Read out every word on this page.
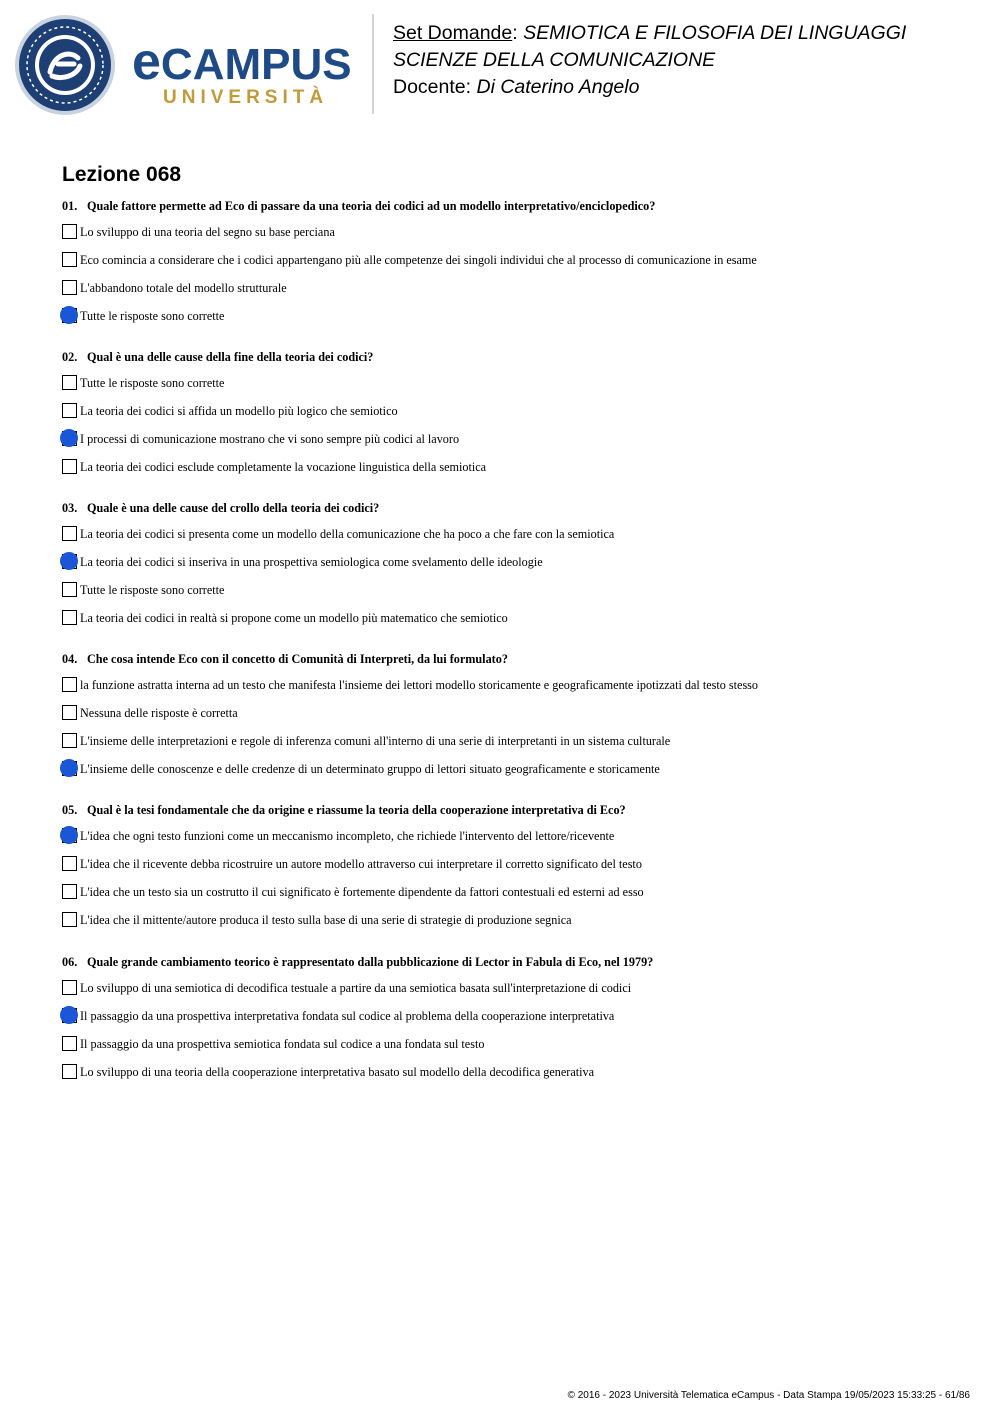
eCAMPUS
UNIVERSITÀ
Set Domande: SEMIOTICA E FILOSOFIA DEI LINGUAGGI
SCIENZE DELLA COMUNICAZIONE
Docente: Di Caterino Angelo
Lezione 068
01. Quale fattore permette ad Eco di passare da una teoria dei codici ad un modello interpretativo/enciclopedico?
Lo sviluppo di una teoria del segno su base perciana
Eco comincia a considerare che i codici appartengano più alle competenze dei singoli individui che al processo di comunicazione in esame
L'abbandono totale del modello strutturale
Tutte le risposte sono corrette
02. Qual è una delle cause della fine della teoria dei codici?
Tutte le risposte sono corrette
La teoria dei codici si affida un modello più logico che semiotico
I processi di comunicazione mostrano che vi sono sempre più codici al lavoro
La teoria dei codici esclude completamente la vocazione linguistica della semiotica
03. Quale è una delle cause del crollo della teoria dei codici?
La teoria dei codici si presenta come un modello della comunicazione che ha poco a che fare con la semiotica
La teoria dei codici si inseriva in una prospettiva semiologica come svelamento delle ideologie
Tutte le risposte sono corrette
La teoria dei codici in realtà si propone come un modello più matematico che semiotico
04. Che cosa intende Eco con il concetto di Comunità di Interpreti, da lui formulato?
la funzione astratta interna ad un testo che manifesta l'insieme dei lettori modello storicamente e geograficamente ipotizzati dal testo stesso
Nessuna delle risposte è corretta
L'insieme delle interpretazioni e regole di inferenza comuni all'interno di una serie di interpretanti in un sistema culturale
L'insieme delle conoscenze e delle credenze di un determinato gruppo di lettori situato geograficamente e storicamente
05. Qual è la tesi fondamentale che da origine e riassume la teoria della cooperazione interpretativa di Eco?
L'idea che ogni testo funzioni come un meccanismo incompleto, che richiede l'intervento del lettore/ricevente
L'idea che il ricevente debba ricostruire un autore modello attraverso cui interpretare il corretto significato del testo
L'idea che un testo sia un costrutto il cui significato è fortemente dipendente da fattori contestuali ed esterni ad esso
L'idea che il mittente/autore produca il testo sulla base di una serie di strategie di produzione segnica
06. Quale grande cambiamento teorico è rappresentato dalla pubblicazione di Lector in Fabula di Eco, nel 1979?
Lo sviluppo di una semiotica di decodifica testuale a partire da una semiotica basata sull'interpretazione di codici
Il passaggio da una prospettiva interpretativa fondata sul codice al problema della cooperazione interpretativa
Il passaggio da una prospettiva semiotica fondata sul codice a una fondata sul testo
Lo sviluppo di una teoria della cooperazione interpretativa basato sul modello della decodifica generativa
© 2016 - 2023 Università Telematica eCampus - Data Stampa 19/05/2023 15:33:25 - 61/86
